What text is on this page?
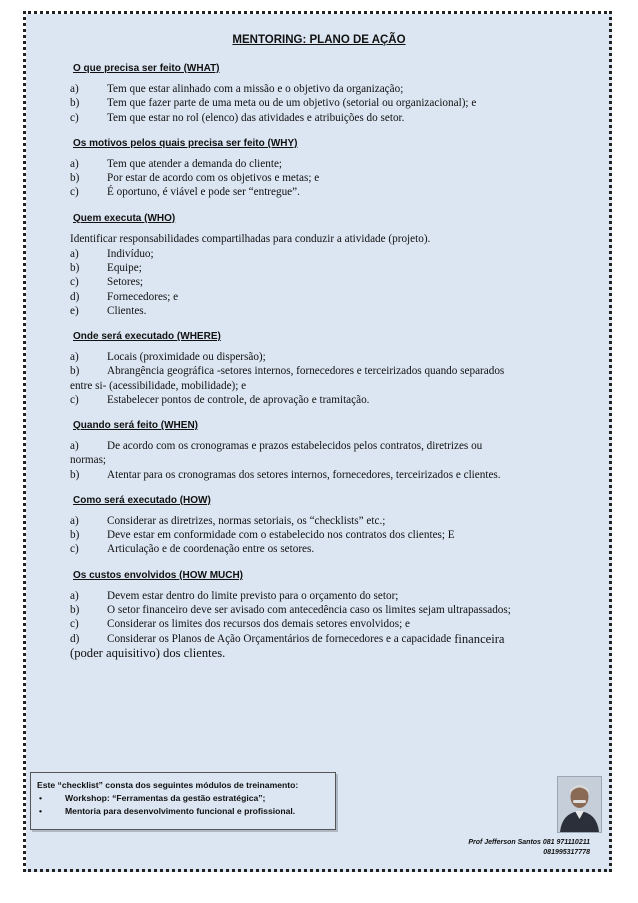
MENTORING: PLANO DE AÇÃO
O que precisa ser feito (WHAT)
a)	Tem que estar alinhado com a missão e o objetivo da organização;
b)	Tem que fazer parte de uma meta ou de um objetivo (setorial ou organizacional); e
c)	Tem que estar no rol (elenco) das atividades e atribuições do setor.
Os motivos pelos quais precisa ser feito (WHY)
a)	Tem que atender a demanda do cliente;
b)	Por estar de acordo com os objetivos e metas; e
c)	É oportuno, é viável e pode ser “entregue”.
Quem executa (WHO)
Identificar responsabilidades compartilhadas para conduzir a atividade (projeto).
a)	Indivíduo;
b)	Equipe;
c)	Setores;
d)	Fornecedores; e
e)	Clientes.
Onde será executado (WHERE)
a)	Locais (proximidade ou dispersão);
b)	Abrangência geográfica -setores internos, fornecedores e terceirizados quando separados
entre si- (acessibilidade, mobilidade); e
c)	Estabelecer pontos de controle, de aprovação e tramitação.
Quando será feito (WHEN)
a)	De acordo com os cronogramas e prazos estabelecidos pelos contratos, diretrizes ou
normas;
b)	Atentar para os cronogramas dos setores internos, fornecedores, terceirizados e clientes.
Como será executado (HOW)
a)	Considerar as diretrizes, normas setoriais, os “checklists” etc.;
b)	Deve estar em conformidade com o estabelecido nos contratos dos clientes; E
c)	Articulação e de coordenação entre os setores.
Os custos envolvidos (HOW MUCH)
a)	Devem estar dentro do limite previsto para o orçamento do setor;
b)	O setor financeiro deve ser avisado com antecedência caso os limites sejam ultrapassados;
c)	Considerar os limites dos recursos dos demais setores envolvidos; e
d)	Considerar os Planos de Ação Orçamentários de fornecedores e a capacidade financeira
(poder aquisitivo) dos clientes.
Este “checklist” consta dos seguintes módulos de treinamento:
•	Workshop: “Ferramentas da gestão estratégica”;
•	Mentoria para desenvolvimento funcional e profissional.
Prof Jefferson Santos 081 971110211
081995317778
